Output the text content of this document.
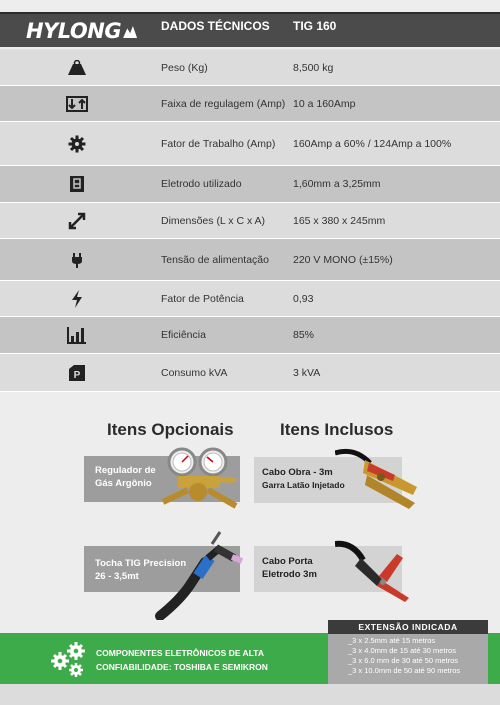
HYLONG	DADOS TÉCNICOS TIG 160
Peso (Kg)	8,500 kg
Faixa de regulagem (Amp) 10 a 160Amp
Fator de Trabalho (Amp) 160Amp a 60% / 124Amp a 100%
Eletrodo utilizado	1,60mm a 3,25mm
Dimensões (L x C x A)	165 x 380 x 245mm
Tensão de alimentação 220 V MONO (±15%)
Fator de Potência	0,93
Eficiência	85%
P	Consumo kVA	3 kVA
Itens Opcionais	Itens Inclusos
Regulador de
Gás Argônio
Tocha TIG Precision
26 - 3,5mt
Cabo Obra - 3m
Garra Latão Injetado
Cabo Porta
Eletrodo 3m
COMPONENTES ELETRÔNICOS DE ALTA
CONFIABILIDADE: TOSHIBA E SEMIKRON
EXTENSÃO INDICADA
_3 x 2.5mm até 15 metros
_3 x 4.0mm de 15 até 30 metros
_3 x 6.0 mm de 30 até 50 metros
_3 x 10.0mm de 50 até 90 metros
